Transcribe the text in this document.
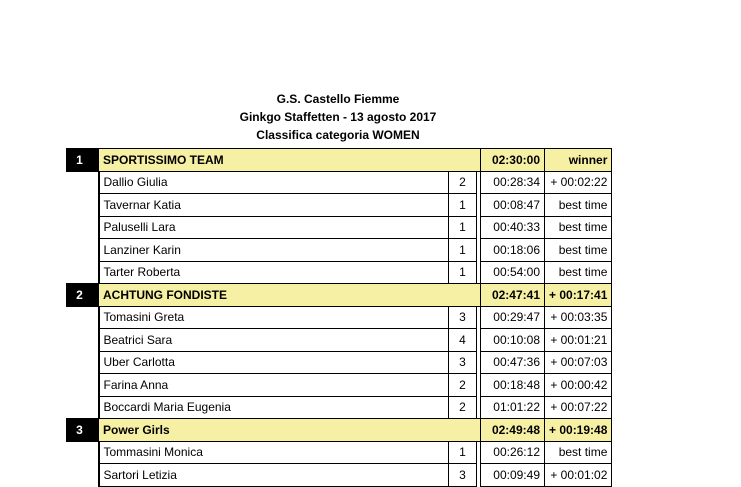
G.S. Castello Fiemme
Ginkgo Staffetten - 13 agosto 2017
Classifica categoria WOMEN
1	SPORTISSIMO TEAM			02:30:00	winner
	Dallio Giulia	2		00:28:34	+ 00:02:22
	Tavernar Katia	1		00:08:47	best time
	Paluselli Lara	1		00:40:33	best time
	Lanziner Karin	1		00:18:06	best time
	Tarter Roberta	1		00:54:00	best time
2	ACHTUNG FONDISTE			02:47:41	+ 00:17:41
	Tomasini Greta	3		00:29:47	+ 00:03:35
	Beatrici Sara	4		00:10:08	+ 00:01:21
	Uber Carlotta	3		00:47:36	+ 00:07:03
	Farina Anna	2		00:18:48	+ 00:00:42
	Boccardi Maria Eugenia	2		01:01:22	+ 00:07:22
3	Power Girls			02:49:48	+ 00:19:48
	Tommasini Monica	1		00:26:12	best time
	Sartori Letizia	3		00:09:49	+ 00:01:02
